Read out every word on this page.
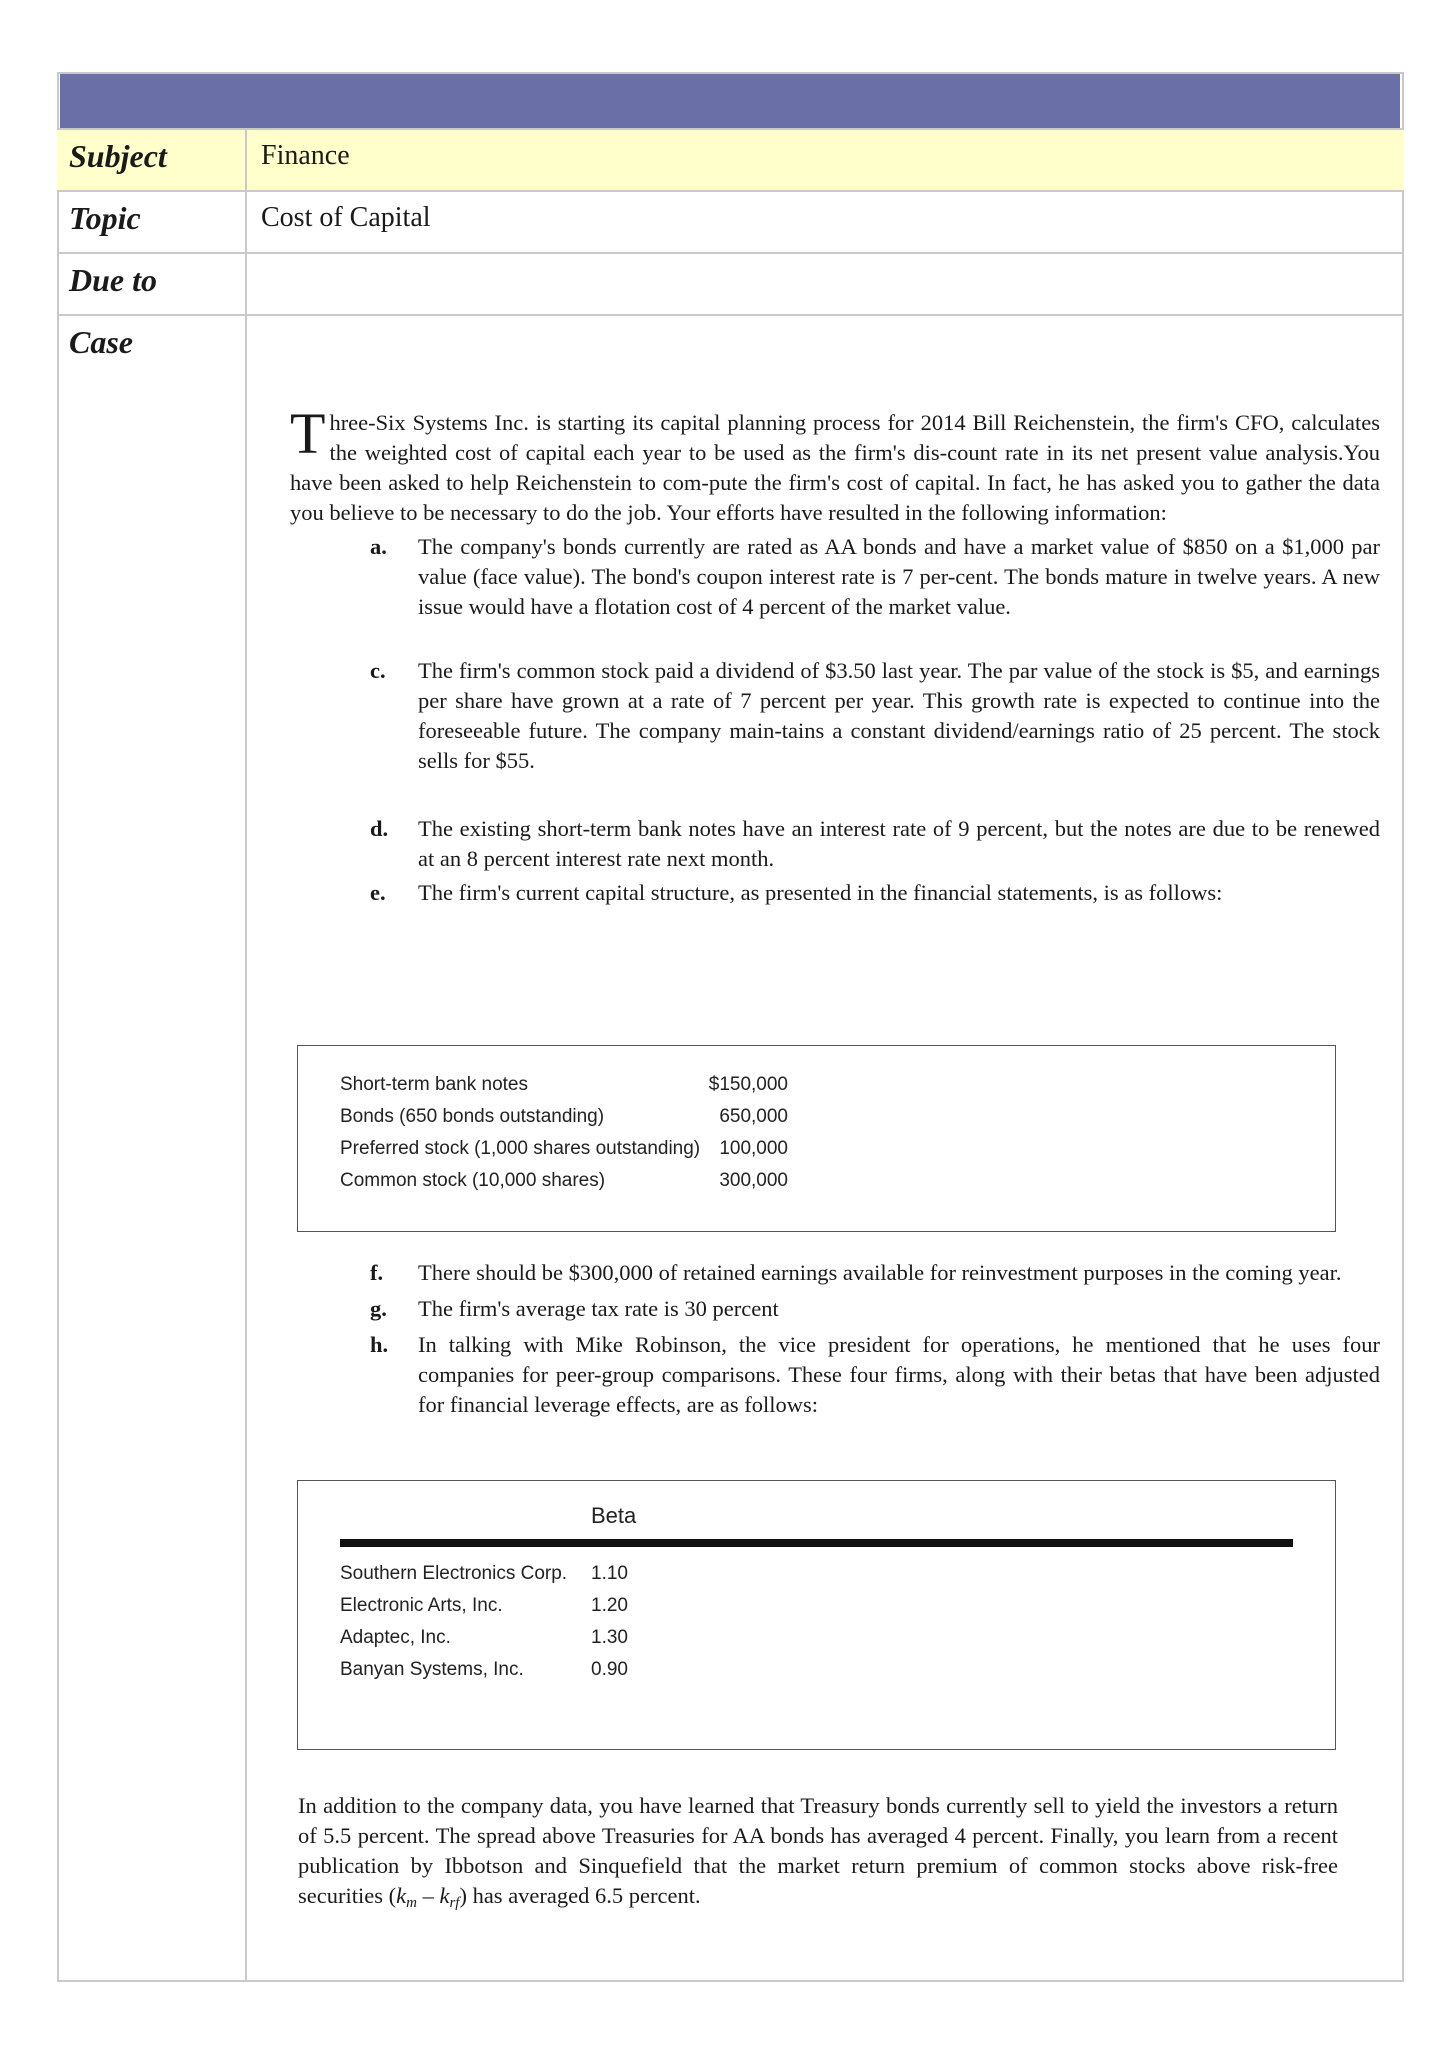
Subject	Finance
Topic	Cost of Capital
Due to
Case

Three-Six Systems Inc. is starting its capital planning process for 2014 Bill Reichenstein, the firm's CFO, calculates the weighted cost of capital each year to be used as the firm's dis-count rate in its net present value analysis.You have been asked to help Reichenstein to com-pute the firm's cost of capital. In fact, he has asked you to gather the data you believe to be necessary to do the job. Your efforts have resulted in the following information:

a. The company's bonds currently are rated as AA bonds and have a market value of $850 on a $1,000 par value (face value). The bond's coupon interest rate is 7 per-cent. The bonds mature in twelve years. A new issue would have a flotation cost of 4 percent of the market value.
c. The firm's common stock paid a dividend of $3.50 last year. The par value of the stock is $5, and earnings per share have grown at a rate of 7 percent per year. This growth rate is expected to continue into the foreseeable future. The company main-tains a constant dividend/earnings ratio of 25 percent. The stock sells for $55.
d. The existing short-term bank notes have an interest rate of 9 percent, but the notes are due to be renewed at an 8 percent interest rate next month.
e. The firm's current capital structure, as presented in the financial statements, is as follows:
Short-term bank notes	$150,000
Bonds (650 bonds outstanding)	650,000
Preferred stock (1,000 shares outstanding)	100,000
Common stock (10,000 shares)	300,000
f. There should be $300,000 of retained earnings available for reinvestment purposes in the coming year.
g. The firm's average tax rate is 30 percent
h. In talking with Mike Robinson, the vice president for operations, he mentioned that he uses four companies for peer-group comparisons. These four firms, along with their betas that have been adjusted for financial leverage effects, are as follows:
Beta
Southern Electronics Corp. 1.10
Electronic Arts, Inc.	1.20
Adaptec, Inc.	1.30
Banyan Systems, Inc.	0.90

In addition to the company data, you have learned that Treasury bonds currently sell to yield the investors a return of 5.5 percent. The spread above Treasuries for AA bonds has averaged 4 percent. Finally, you learn from a recent publication by Ibbotson and Sinquefield that the market return premium of common stocks above risk-free securities $(k_m - k_{rf})$ has averaged 6.5 percent.
